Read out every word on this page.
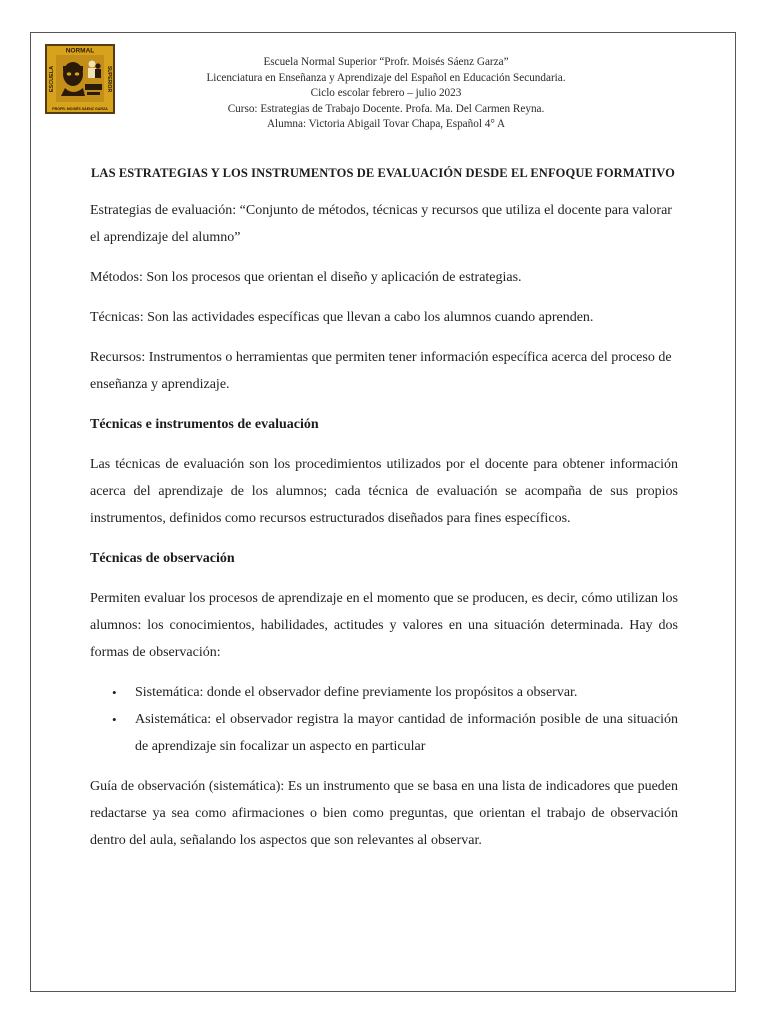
NORMAL
ESCUELA	SUPERIOR
PROFR. MOISÉS SÁENZ GARZA
Escuela Normal Superior “Profr. Moisés Sáenz Garza”
Licenciatura en Enseñanza y Aprendizaje del Español en Educación Secundaria.
Ciclo escolar febrero – julio 2023
Curso: Estrategias de Trabajo Docente. Profa. Ma. Del Carmen Reyna.
Alumna: Victoria Abigail Tovar Chapa, Español 4° A
LAS ESTRATEGIAS Y LOS INSTRUMENTOS DE EVALUACIÓN DESDE EL ENFOQUE FORMATIVO

Estrategias de evaluación: “Conjunto de métodos, técnicas y recursos que utiliza el docente para valorar el aprendizaje del alumno”

Métodos: Son los procesos que orientan el diseño y aplicación de estrategias.

Técnicas: Son las actividades específicas que llevan a cabo los alumnos cuando aprenden.

Recursos: Instrumentos o herramientas que permiten tener información específica acerca del proceso de enseñanza y aprendizaje.

Técnicas e instrumentos de evaluación

Las técnicas de evaluación son los procedimientos utilizados por el docente para obtener información acerca del aprendizaje de los alumnos; cada técnica de evaluación se acompaña de sus propios instrumentos, definidos como recursos estructurados diseñados para fines específicos.

Técnicas de observación

Permiten evaluar los procesos de aprendizaje en el momento que se producen, es decir, cómo utilizan los alumnos: los conocimientos, habilidades, actitudes y valores en una situación determinada. Hay dos formas de observación:

• Sistemática: donde el observador define previamente los propósitos a observar.
• Asistemática: el observador registra la mayor cantidad de información posible de una situación de aprendizaje sin focalizar un aspecto en particular

Guía de observación (sistemática): Es un instrumento que se basa en una lista de indicadores que pueden redactarse ya sea como afirmaciones o bien como preguntas, que orientan el trabajo de observación dentro del aula, señalando los aspectos que son relevantes al observar.
